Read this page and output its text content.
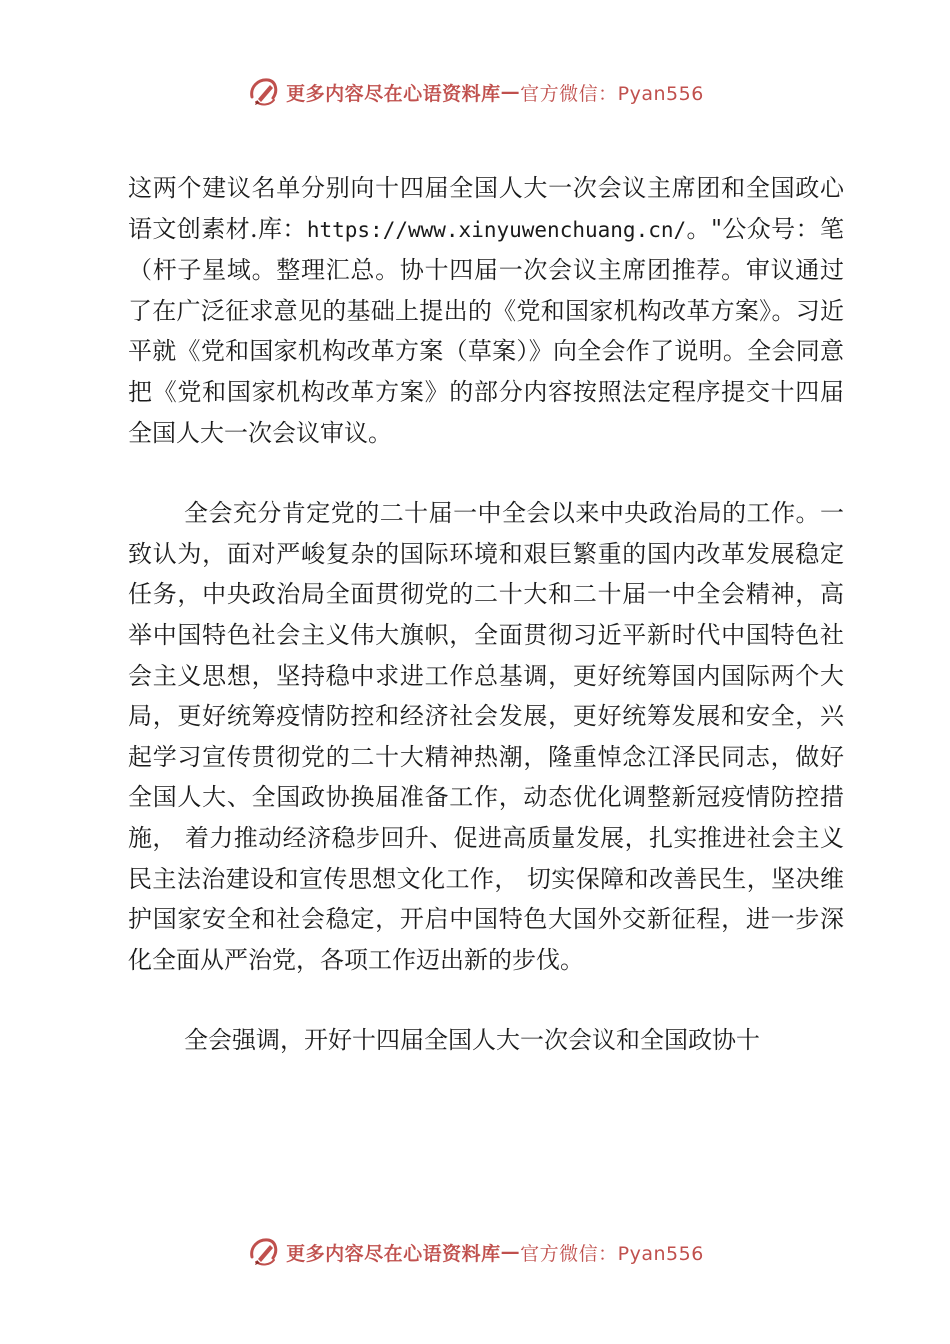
更多内容尽在心语资料库 — 官方微信：Pyan556

这两个建议名单分别向十四届全国人大一次会议主席团和全国政心语文创素材.库：https://www.xinyuwenchuang.cn/。"公众号：笔（杆子星域。整理汇总。协十四届一次会议主席团推荐。审议通过了在广泛征求意见的基础上提出的《党和国家机构改革方案》。习近平就《党和国家机构改革方案（草案）》向全会作了说明。全会同意把《党和国家机构改革方案》的部分内容按照法定程序提交十四届全国人大一次会议审议。

全会充分肯定党的二十届一中全会以来中央政治局的工作。一致认为，面对严峻复杂的国际环境和艰巨繁重的国内改革发展稳定任务，中央政治局全面贯彻党的二十大和二十届一中全会精神，高举中国特色社会主义伟大旗帜，全面贯彻习近平新时代中国特色社会主义思想，坚持稳中求进工作总基调，更好统筹国内国际两个大局，更好统筹疫情防控和经济社会发展，更好统筹发展和安全，兴起学习宣传贯彻党的二十大精神热潮，隆重悼念江泽民同志，做好全国人大、全国政协换届准备工作，动态优化调整新冠疫情防控措施， 着力推动经济稳步回升、促进高质量发展，扎实推进社会主义民主法治建设和宣传思想文化工作， 切实保障和改善民生，坚决维护国家安全和社会稳定，开启中国特色大国外交新征程，进一步深化全面从严治党，各项工作迈出新的步伐。

全会强调，开好十四届全国人大一次会议和全国政协十

更多内容尽在心语资料库 — 官方微信：Pyan556
